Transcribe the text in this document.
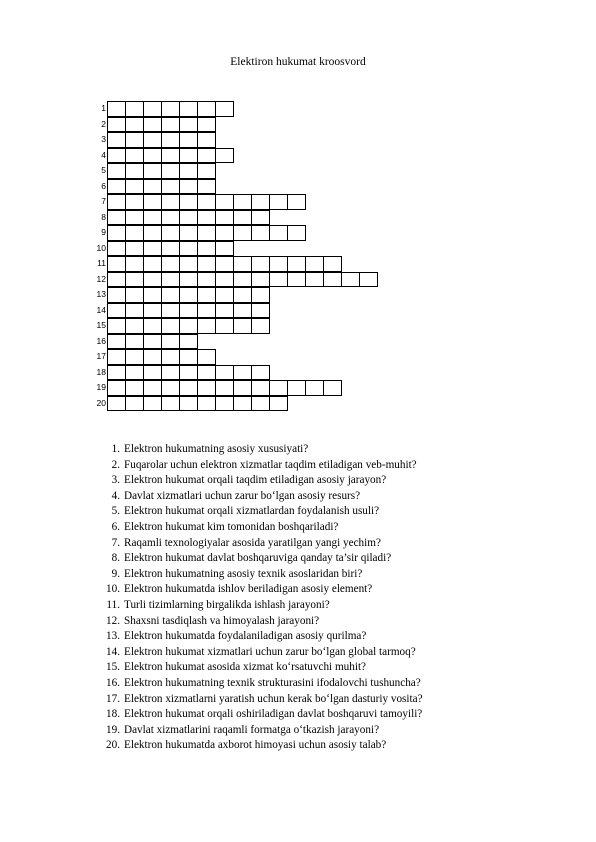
Elektiron hukumat kroosvord
1
2
3
4
5
6
7
8
9
10
11
12
13
14
15
16
17
18
19
20
1. Elektron hukumatning asosiy xususiyati?
2. Fuqarolar uchun elektron xizmatlar taqdim etiladigan veb-muhit?
3. Elektron hukumat orqali taqdim etiladigan asosiy jarayon?
4. Davlat xizmatlari uchun zarur bo‘lgan asosiy resurs?
5. Elektron hukumat orqali xizmatlardan foydalanish usuli?
6. Elektron hukumat kim tomonidan boshqariladi?
7. Raqamli texnologiyalar asosida yaratilgan yangi yechim?
8. Elektron hukumat davlat boshqaruviga qanday ta’sir qiladi?
9. Elektron hukumatning asosiy texnik asoslaridan biri?
10. Elektron hukumatda ishlov beriladigan asosiy element?
11. Turli tizimlarning birgalikda ishlash jarayoni?
12. Shaxsni tasdiqlash va himoyalash jarayoni?
13. Elektron hukumatda foydalaniladigan asosiy qurilma?
14. Elektron hukumat xizmatlari uchun zarur bo‘lgan global tarmoq?
15. Elektron hukumat asosida xizmat ko‘rsatuvchi muhit?
16. Elektron hukumatning texnik strukturasini ifodalovchi tushuncha?
17. Elektron xizmatlarni yaratish uchun kerak bo‘lgan dasturiy vosita?
18. Elektron hukumat orqali oshiriladigan davlat boshqaruvi tamoyili?
19. Davlat xizmatlarini raqamli formatga o‘tkazish jarayoni?
20. Elektron hukumatda axborot himoyasi uchun asosiy talab?
